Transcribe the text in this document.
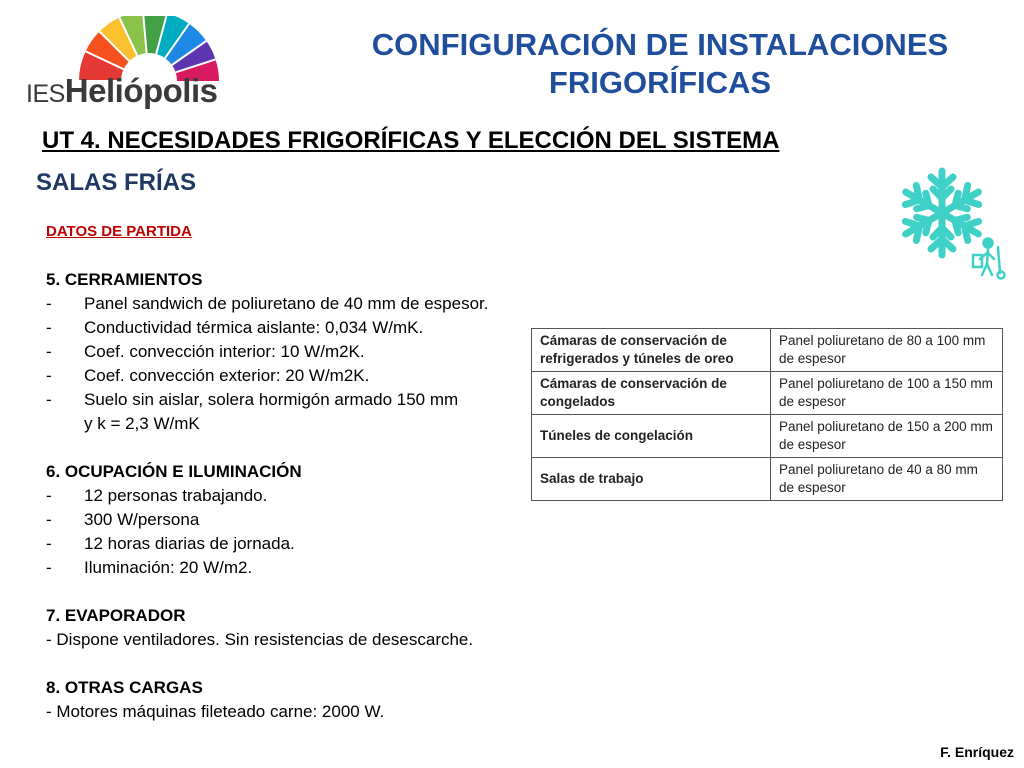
IESHeliópolis
CONFIGURACIÓN DE INSTALACIONES
FRIGORÍFICAS
UT 4. NECESIDADES FRIGORÍFICAS Y ELECCIÓN DEL SISTEMA
SALAS FRÍAS
DATOS DE PARTIDA
5. CERRAMIENTOS
-	Panel sandwich de poliuretano de 40 mm de espesor.
-	Conductividad térmica aislante: 0,034 W/mK.
-	Coef. convección interior: 10 W/m2K.
-	Coef. convección exterior: 20 W/m2K.
-	Suelo sin aislar, solera hormigón armado 150 mm
y k = 2,3 W/mK
6. OCUPACIÓN E ILUMINACIÓN
-	12 personas trabajando.
-	300 W/persona
-	12 horas diarias de jornada.
-	Iluminación: 20 W/m2.
7. EVAPORADOR
- Dispone ventiladores. Sin resistencias de desescarche.
8. OTRAS CARGAS
- Motores máquinas fileteado carne: 2000 W.
Cámaras de conservación de refrigerados y túneles de oreo	Panel poliuretano de 80 a 100 mm de espesor
Cámaras de conservación de congelados	Panel poliuretano de 100 a 150 mm de espesor
Túneles de congelación	Panel poliuretano de 150 a 200 mm de espesor
Salas de trabajo	Panel poliuretano de 40 a 80 mm de espesor
F. Enríquez
